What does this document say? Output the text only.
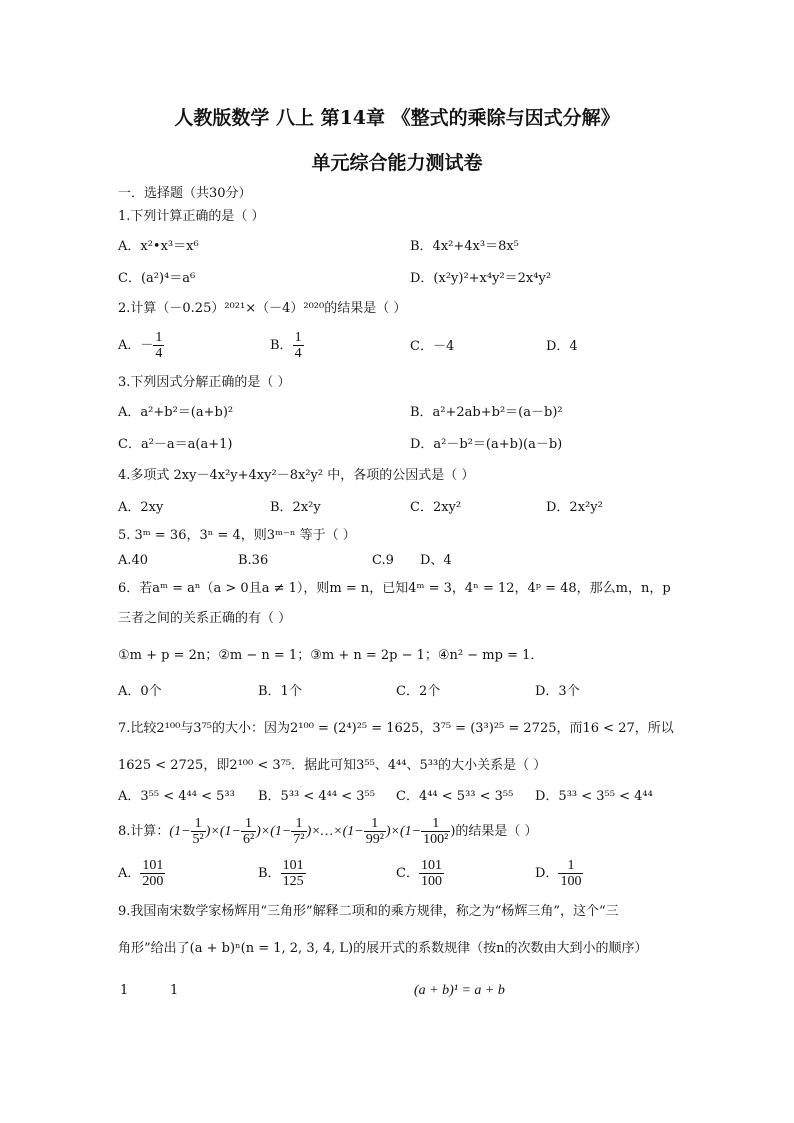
人教版数学 八上 第14章 《整式的乘除与因式分解》
单元综合能力测试卷
一．选择题（共30分）
1.下列计算正确的是（ ）
A．x²•x³＝x⁶	B．4x²+4x³＝8x⁵
C．(a²)⁴＝a⁶	D．(x²y)²+x⁴y²＝2x⁴y²
2.计算（－0.25）²⁰²¹×（－4）²⁰²⁰的结果是（ ）
A．－ $\frac{1}{4}$	B． $\frac{1}{4}$	C．－4	D．4
3.下列因式分解正确的是（ ）
A．a²+b²＝(a+b)²	B．a²+2ab+b²＝(a－b)²
C．a²－a＝a(a+1)	D．a²－b²＝(a+b)(a－b)
4.多项式 2xy－4x²y+4xy²－8x²y² 中，各项的公因式是（ ）
A．2xy	B．2x²y	C．2xy²	D．2x²y²
5. 3ᵐ = 36，3ⁿ = 4，则3ᵐ⁻ⁿ 等于（ ）
A.40	B.36	C.9 D、4
6．若aᵐ = aⁿ（a > 0且a ≠ 1），则m = n，已知4ᵐ = 3，4ⁿ = 12，4ᵖ = 48，那么m，n，p
三者之间的关系正确的有（ ）
①m + p = 2n；②m − n = 1；③m + n = 2p − 1；④n² − mp = 1．
A．0个	B．1个	C．2个	D．3个
7.比较2¹⁰⁰与3⁷⁵的大小：因为2¹⁰⁰ = (2⁴)²⁵ = 1625，3⁷⁵ = (3³)²⁵ = 2725，而16 < 27，所以
1625 < 2725，即2¹⁰⁰ < 3⁷⁵．据此可知3⁵⁵、4⁴⁴、5³³的大小关系是（ ）
A．3⁵⁵ < 4⁴⁴ < 5³³ B．5³³ < 4⁴⁴ < 3⁵⁵ C．4⁴⁴ < 5³³ < 3⁵⁵ D．5³³ < 3⁵⁵ < 4⁴⁴
8.计算：$(1- \frac{1}{\text{5²}} )\times(1- \frac{1}{\text{6²}} )\times(1- \frac{1}{\text{7²}}$ )×…×(1− $\frac{1}{\text{99²}} )\times(1- \frac{1}{\text{100²}}$ )的结果是（ ）
A． $\frac{101}{200}$	B． $\frac{101}{125}$	C． $\frac{101}{100}$	D． $\frac{1}{100}$
9.我国南宋数学家杨辉用“三角形”解释二项和的乘方规律，称之为“杨辉三角”，这个“三
角形”给出了(a + b)ⁿ(n = 1, 2, 3, 4, L)的展开式的系数规律（按n的次数由大到小的顺序）
1	1	(a + b)¹ = a + b
